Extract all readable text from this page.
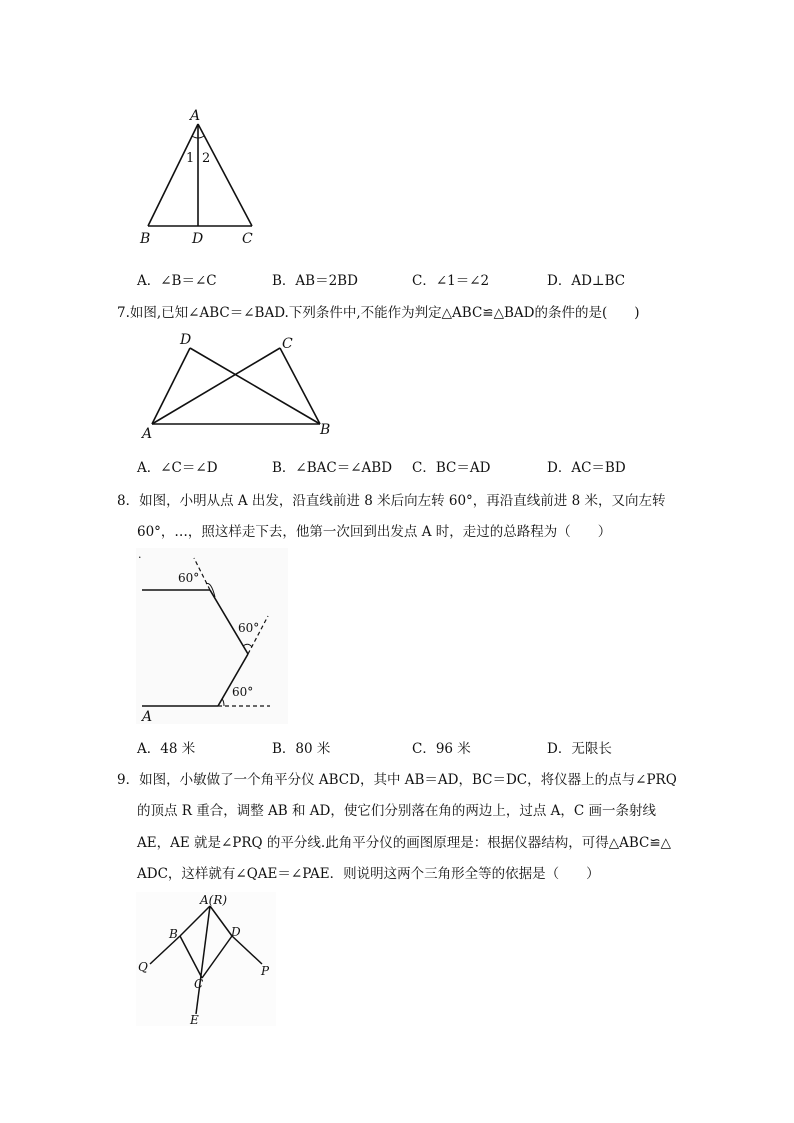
A
B	D	C
1 2
A．∠B＝∠C	B．AB＝2BD	C．∠1＝∠2	D．AD⊥BC
7.如图,已知∠ABC＝∠BAD.下列条件中,不能作为判定△ABC≌△BAD的条件的是(　　)
A	B
C
D
A．∠C＝∠D	B．∠BAC＝∠ABD C．BC＝AD	D．AC＝BD
8．如图，小明从点 A 出发，沿直线前进 8 米后向左转 60°，再沿直线前进 8 米，又向左转
60°，…，照这样走下去，他第一次回到出发点 A 时，走过的总路程为（　　）
.
60°
60°
60°
A
A．48 米	B．80 米	C．96 米	D．无限长
9．如图，小敏做了一个角平分仪 ABCD，其中 AB＝AD，BC＝DC，将仪器上的点与∠PRQ
的顶点 R 重合，调整 AB 和 AD，使它们分别落在角的两边上，过点 A，C 画一条射线
AE，AE 就是∠PRQ 的平分线.此角平分仪的画图原理是：根据仪器结构，可得△ABC≌△
ADC，这样就有∠QAE＝∠PAE．则说明这两个三角形全等的依据是（　　）
A(R)
B	D
C
Q	P
E
